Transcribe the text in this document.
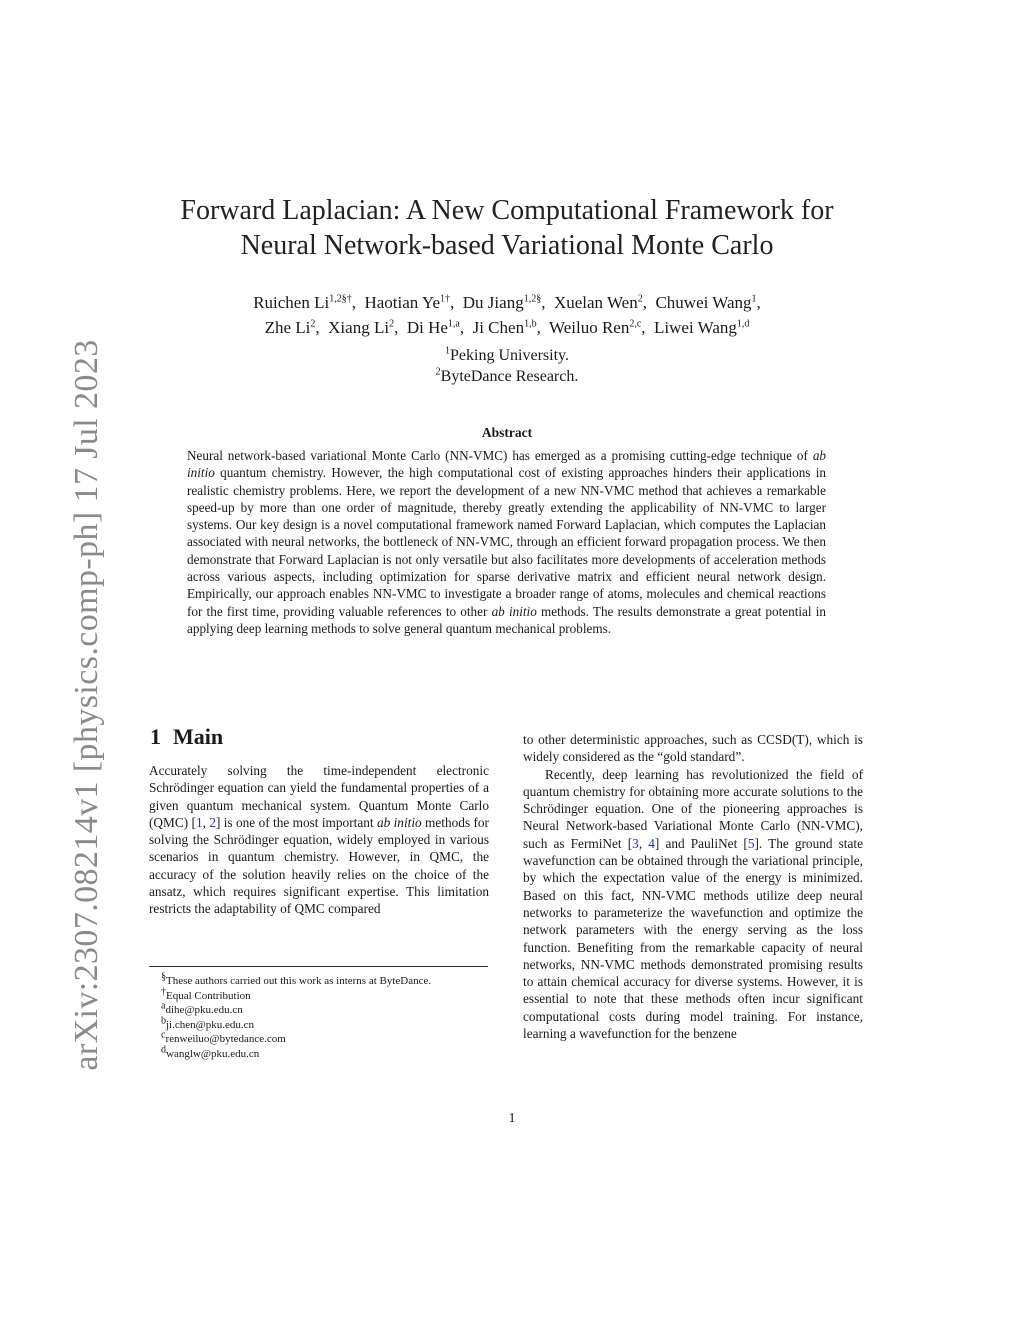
arXiv:2307.08214v1 [physics.comp-ph] 17 Jul 2023
Forward Laplacian: A New Computational Framework for
Neural Network-based Variational Monte Carlo
Ruichen $Li^{1,2\S\dagger}$,  Haotian $Ye^{1\dagger}$,  Du Jiang$^{1,2\S}$,  Xuelan Wen$^2$,  Chuwei Wang$^1$,
Zhe Li$^2$,  Xiang Li$^2$,  Di He$^{1,a}$,  Ji Chen$^{1,b}$,  Weiluo Ren$^{2,c}$,  Liwei Wang$^{1,d}$
$^1$Peking University.
$^2$ByteDance Research.
Abstract
Neural network-based variational Monte Carlo (NN-VMC) has emerged as a promising cutting-edge technique of ab initio quantum chemistry. However, the high computational cost of existing approaches hinders their applications in realistic chemistry problems. Here, we report the development of a new NN-VMC method that achieves a remarkable speed-up by more than one order of magnitude, thereby greatly extending the applicability of NN-VMC to larger systems. Our key design is a novel computational framework named Forward Laplacian, which computes the Laplacian associated with neural networks, the bottleneck of NN-VMC, through an efficient forward propagation process. We then demonstrate that Forward Laplacian is not only versatile but also facilitates more developments of acceleration methods across various aspects, including optimization for sparse derivative matrix and efficient neural network design. Empirically, our approach enables NN-VMC to investigate a broader range of atoms, molecules and chemical reactions for the first time, providing valuable references to other ab initio methods. The results demonstrate a great potential in applying deep learning methods to solve general quantum mechanical problems.
1 Main

Accurately solving the time-independent electronic Schrödinger equation can yield the fundamental properties of a given quantum mechanical system. Quantum Monte Carlo (QMC) [1, 2] is one of the most important ab initio methods for solving the Schrödinger equation, widely employed in various scenarios in quantum chemistry. However, in QMC, the accuracy of the solution heavily relies on the choice of the ansatz, which requires significant expertise. This limitation restricts the adaptability of QMC compared

to other deterministic approaches, such as CCSD(T), which is widely considered as the “gold standard”.

Recently, deep learning has revolutionized the field of quantum chemistry for obtaining more accurate solutions to the Schrödinger equation. One of the pioneering approaches is Neural Network-based Variational Monte Carlo (NN-VMC), such as FermiNet [3, 4] and PauliNet [5]. The ground state wavefunction can be obtained through the variational principle, by which the expectation value of the energy is minimized. Based on this fact, NN-VMC methods utilize deep neural networks to parameterize the wavefunction and optimize the network parameters with the energy serving as the loss function. Benefiting from the remarkable capacity of neural networks, NN-VMC methods demonstrated promising results to attain chemical accuracy for diverse systems. However, it is essential to note that these methods often incur significant computational costs during model training. For instance, learning a wavefunction for the benzene

§These authors carried out this work as interns at ByteDance.

†Equal Contribution

$^a$dihe@pku.edu.cn

$^b$ji.chen@pku.edu.cn

$^c$renweiluo@bytedance.com

$^d$wanglw@pku.edu.cn

1
